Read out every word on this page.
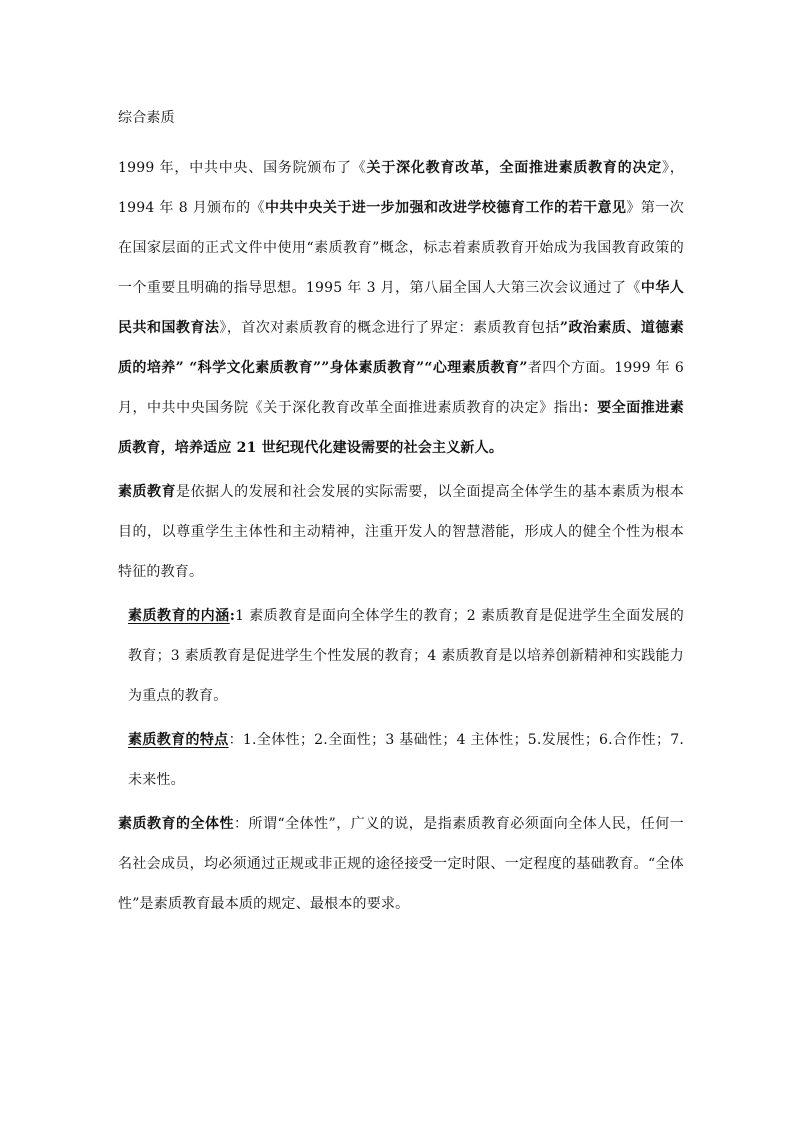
综合素质

1999 年，中共中央、国务院颁布了《关于深化教育改革，全面推进素质教育的决定》，1994 年 8 月颁布的《中共中央关于进一步加强和改进学校德育工作的若干意见》第一次在国家层面的正式文件中使用“素质教育”概念，标志着素质教育开始成为我国教育政策的一个重要且明确的指导思想。1995 年 3 月，第八届全国人大第三次会议通过了《中华人民共和国教育法》，首次对素质教育的概念进行了界定：素质教育包括”政治素质、道德素质的培养” “科学文化素质教育””身体素质教育”“心理素质教育”者四个方面。1999 年 6 月，中共中央国务院《关于深化教育改革全面推进素质教育的决定》指出：要全面推进素质教育，培养适应 21 世纪现代化建设需要的社会主义新人。

素质教育是依据人的发展和社会发展的实际需要，以全面提高全体学生的基本素质为根本目的，以尊重学生主体性和主动精神，注重开发人的智慧潜能，形成人的健全个性为根本特征的教育。

素质教育的内涵:1 素质教育是面向全体学生的教育；2 素质教育是促进学生全面发展的教育；3 素质教育是促进学生个性发展的教育；4 素质教育是以培养创新精神和实践能力为重点的教育。

素质教育的特点：1.全体性；2.全面性；3 基础性；4 主体性；5.发展性；6.合作性；7.未来性。

素质教育的全体性：所谓“全体性”，广义的说，是指素质教育必须面向全体人民，任何一名社会成员，均必须通过正规或非正规的途径接受一定时限、一定程度的基础教育。“全体性”是素质教育最本质的规定、最根本的要求。
